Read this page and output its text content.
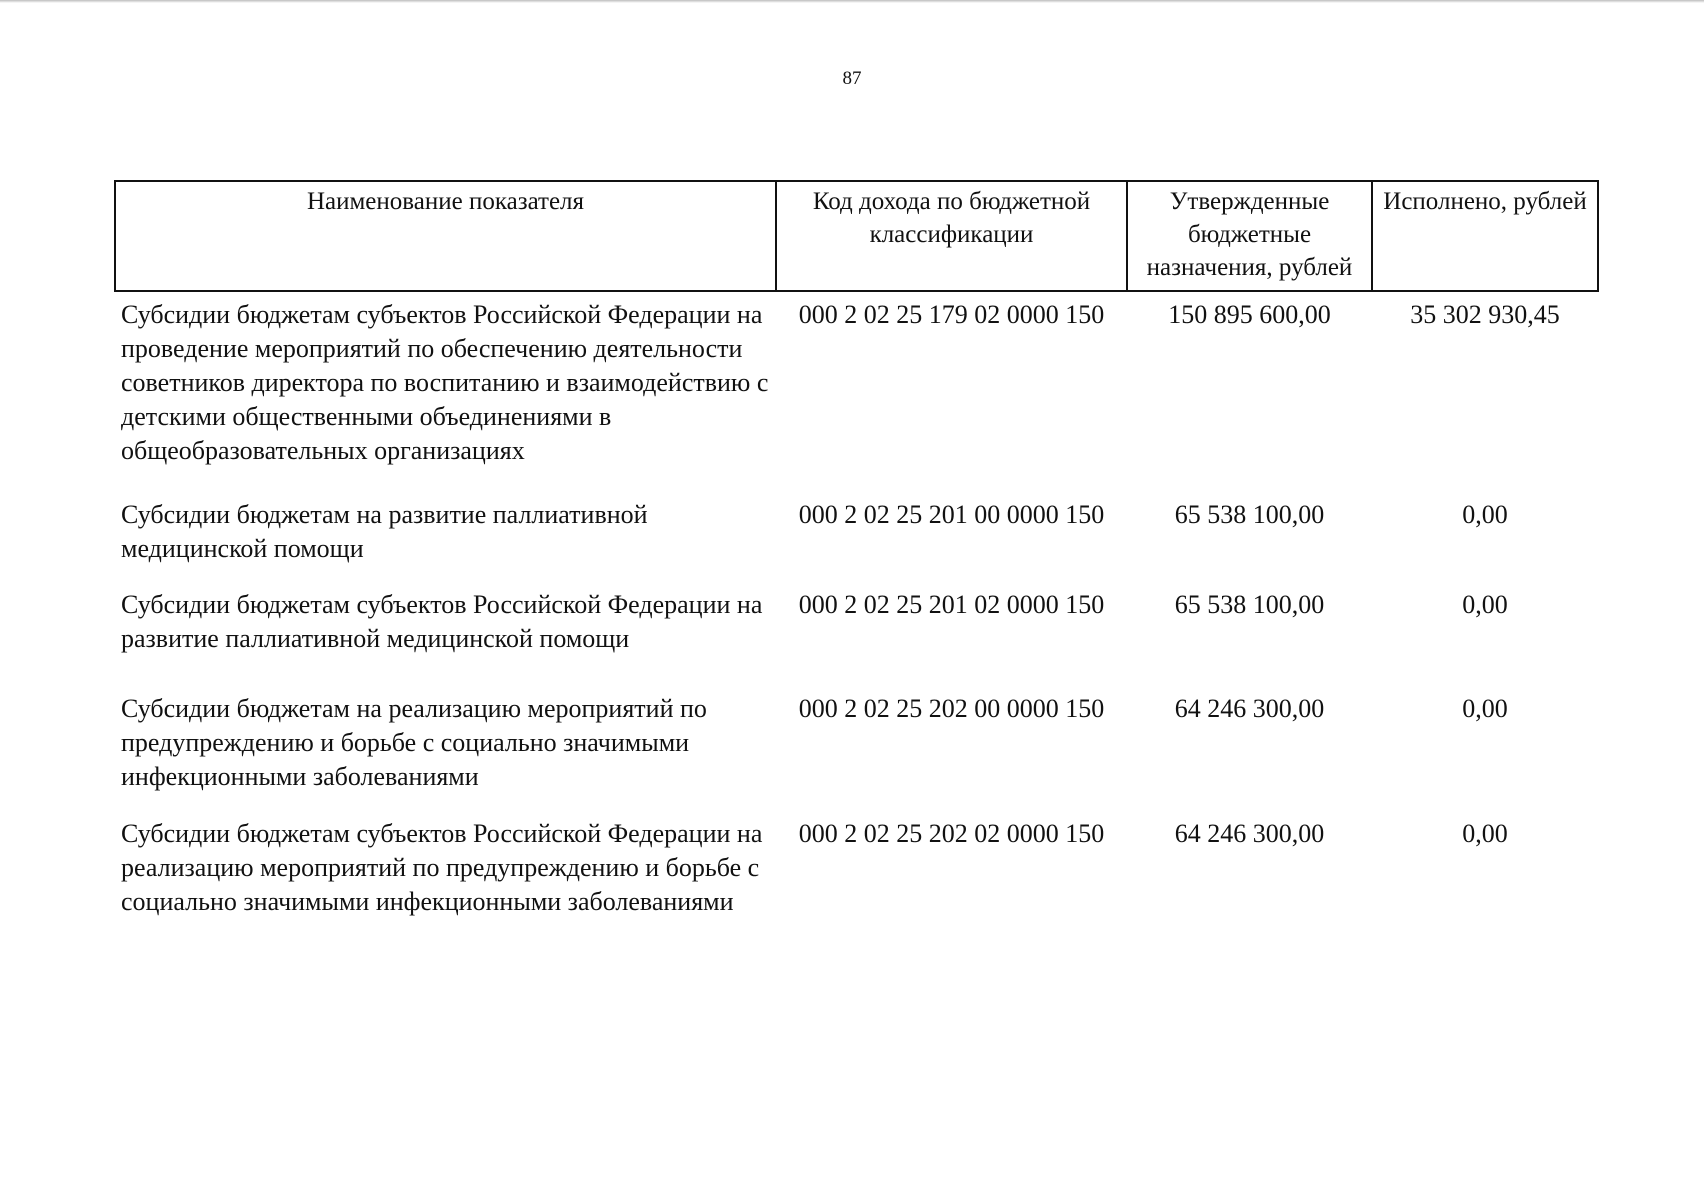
87
Наименование показателя	Код дохода по бюджетной классификации	Утвержденные бюджетные назначения, рублей	Исполнено, рублей
Субсидии бюджетам субъектов Российской Федерации на проведение мероприятий по обеспечению деятельности советников директора по воспитанию и взаимодействию с детскими общественными объединениями в общеобразовательных организациях	000 2 02 25 179 02 0000 150	150 895 600,00	35 302 930,45
Субсидии бюджетам на развитие паллиативной медицинской помощи	000 2 02 25 201 00 0000 150	65 538 100,00	0,00
Субсидии бюджетам субъектов Российской Федерации на развитие паллиативной медицинской помощи	000 2 02 25 201 02 0000 150	65 538 100,00	0,00
Субсидии бюджетам на реализацию мероприятий по предупреждению и борьбе с социально значимыми инфекционными заболеваниями	000 2 02 25 202 00 0000 150	64 246 300,00	0,00
Субсидии бюджетам субъектов Российской Федерации на реализацию мероприятий по предупреждению и борьбе с социально значимыми инфекционными заболеваниями	000 2 02 25 202 02 0000 150	64 246 300,00	0,00
